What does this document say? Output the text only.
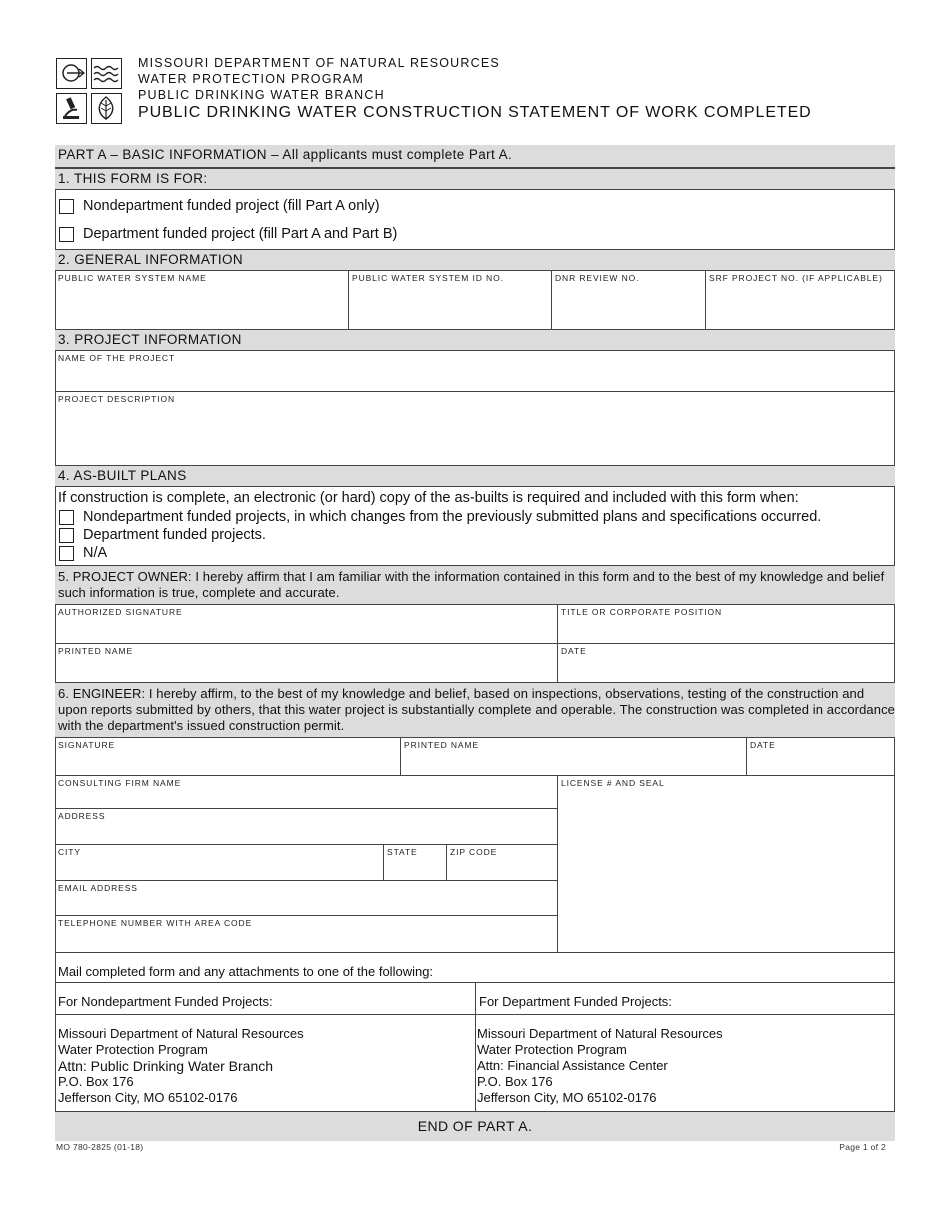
MISSOURI DEPARTMENT OF NATURAL RESOURCES
WATER PROTECTION PROGRAM
PUBLIC DRINKING WATER BRANCH
PUBLIC DRINKING WATER CONSTRUCTION STATEMENT OF WORK COMPLETED
PART A – BASIC INFORMATION – All applicants must complete Part A.
1. THIS FORM IS FOR:
Nondepartment funded project (fill Part A only)
Department funded project (fill Part A and Part B)
2. GENERAL INFORMATION
PUBLIC WATER SYSTEM NAME	PUBLIC WATER SYSTEM ID NO.	DNR REVIEW NO.	SRF PROJECT NO. (IF APPLICABLE)
3. PROJECT INFORMATION
NAME OF THE PROJECT
PROJECT DESCRIPTION
4. AS-BUILT PLANS
If construction is complete, an electronic (or hard) copy of the as-builts is required and included with this form when:
Nondepartment funded projects, in which changes from the previously submitted plans and specifications occurred.
Department funded projects.
N/A
5. PROJECT OWNER: I hereby affirm that I am familiar with the information contained in this form and to the best of my knowledge and belief such information is true, complete and accurate.
AUTHORIZED SIGNATURE	TITLE OR CORPORATE POSITION
PRINTED NAME	DATE
6. ENGINEER: I hereby affirm, to the best of my knowledge and belief, based on inspections, observations, testing of the construction and upon reports submitted by others, that this water project is substantially complete and operable. The construction was completed in accordance with the department's issued construction permit.
SIGNATURE	PRINTED NAME	DATE
CONSULTING FIRM NAME	LICENSE # AND SEAL
ADDRESS
CITY	STATE	ZIP CODE
EMAIL ADDRESS
TELEPHONE NUMBER WITH AREA CODE
Mail completed form and any attachments to one of the following:
For Nondepartment Funded Projects:	For Department Funded Projects:
Missouri Department of Natural Resources
Water Protection Program
Attn: Public Drinking Water Branch
P.O. Box 176
Jefferson City, MO 65102-0176
Missouri Department of Natural Resources
Water Protection Program
Attn: Financial Assistance Center
P.O. Box 176
Jefferson City, MO 65102-0176
END OF PART A.
MO 780-2825 (01-18)	Page 1 of 2
